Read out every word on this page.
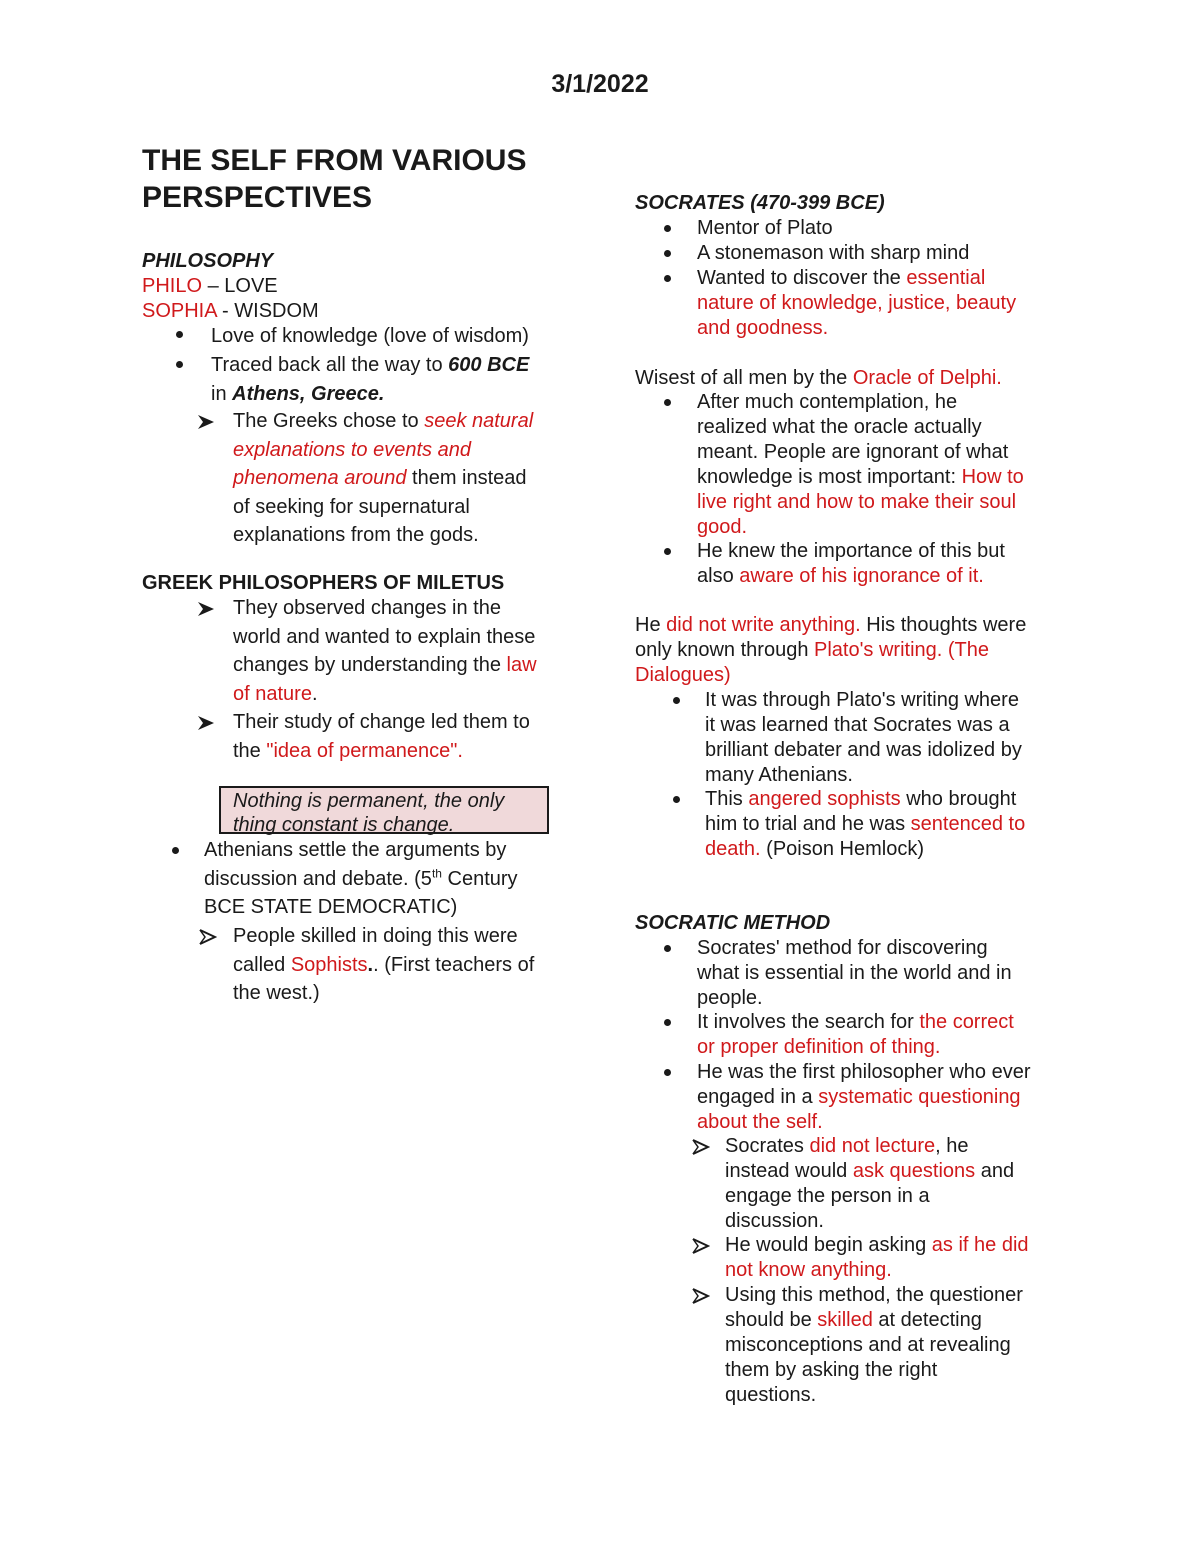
3/1/2022
THE SELF FROM VARIOUS
PERSPECTIVES
PHILOSOPHY
PHILO – LOVE
SOPHIA - WISDOM
Love of knowledge (love of wisdom)
Traced back all the way to 600 BCE
in Athens, Greece.
The Greeks chose to seek natural
explanations to events and
phenomena around them instead
of seeking for supernatural
explanations from the gods.
GREEK PHILOSOPHERS OF MILETUS
They observed changes in the
world and wanted to explain these
changes by understanding the law
of nature.
Their study of change led them to
the "idea of permanence".
Nothing is permanent, the only
thing constant is change.
Athenians settle the arguments by
discussion and debate. (5th Century
BCE STATE DEMOCRATIC)
People skilled in doing this were
called Sophists.. (First teachers of
the west.)
SOCRATES (470-399 BCE)
Mentor of Plato
A stonemason with sharp mind
Wanted to discover the essential
nature of knowledge, justice, beauty
and goodness.
Wisest of all men by the Oracle of Delphi.
After much contemplation, he
realized what the oracle actually
meant. People are ignorant of what
knowledge is most important: How to
live right and how to make their soul
good.
He knew the importance of this but
also aware of his ignorance of it.
He did not write anything. His thoughts were
only known through Plato's writing. (The
Dialogues)
It was through Plato's writing where
it was learned that Socrates was a
brilliant debater and was idolized by
many Athenians.
This angered sophists who brought
him to trial and he was sentenced to
death. (Poison Hemlock)
SOCRATIC METHOD
Socrates' method for discovering
what is essential in the world and in
people.
It involves the search for the correct
or proper definition of thing.
He was the first philosopher who ever
engaged in a systematic questioning
about the self.
Socrates did not lecture, he
instead would ask questions and
engage the person in a
discussion.
He would begin asking as if he did
not know anything.
Using this method, the questioner
should be skilled at detecting
misconceptions and at revealing
them by asking the right
questions.
